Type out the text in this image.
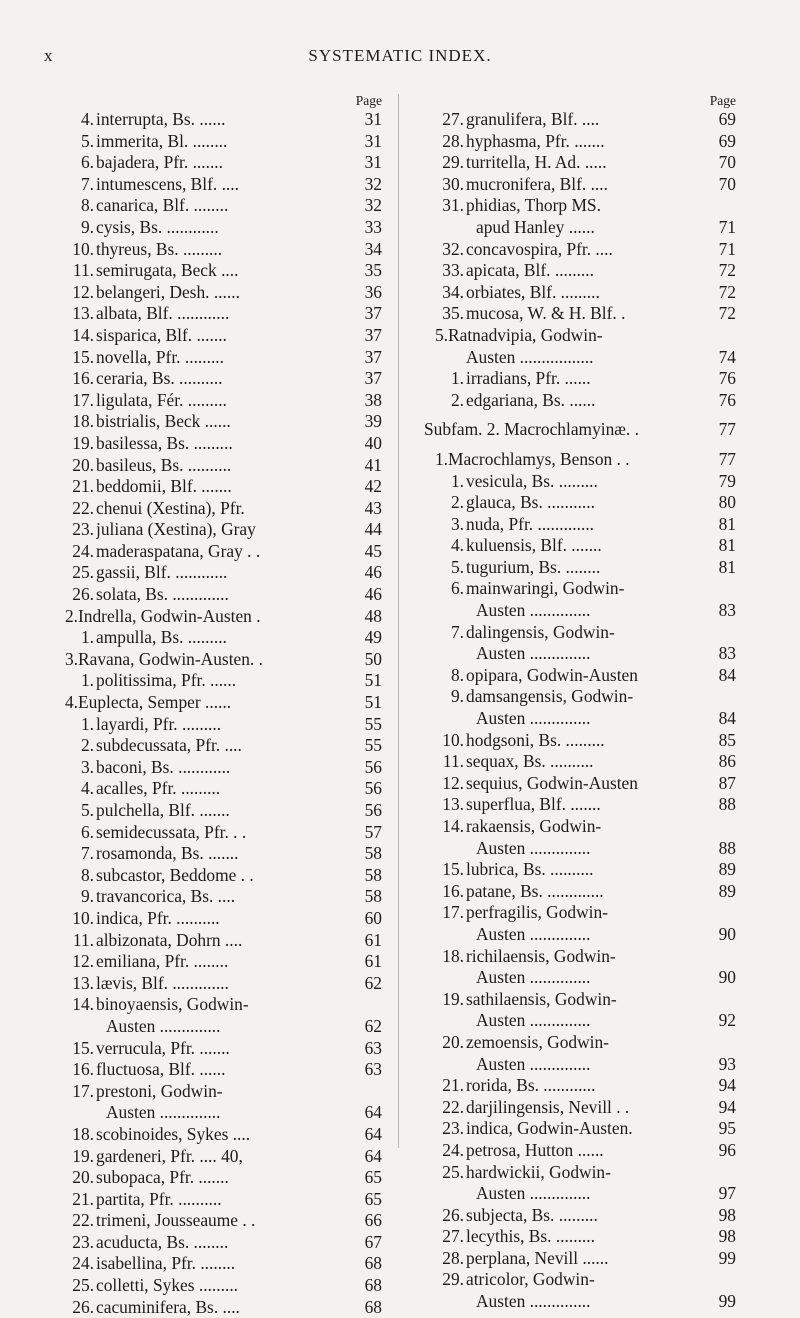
x	SYSTEMATIC INDEX.
Page
4. interrupta, Bs. ......	31
5. immerita, Bl. ........	31
6. bajadera, Pfr. .......	31
7. intumescens, Blf. ....	32
8. canarica, Blf. ........	32
9. cysis, Bs. ............	33
10. thyreus, Bs. .........	34
11. semirugata, Beck ....	35
12. belangeri, Desh. ......	36
13. albata, Blf. ............	37
14. sisparica, Blf. .......	37
15. novella, Pfr. .........	37
16. ceraria, Bs. ..........	37
17. ligulata, Fér. .........	38
18. bistrialis, Beck ......	39
19. basilessa, Bs. .........	40
20. basileus, Bs. ..........	41
21. beddomii, Blf. .......	42
22. chenui (Xestina), Pfr.	43
23. juliana (Xestina), Gray	44
24. maderaspatana, Gray . .	45
25. gassii, Blf. ............	46
26. solata, Bs. .............	46
2. Indrella, Godwin-Austen .	48
1. ampulla, Bs. .........	49
3. Ravana, Godwin-Austen. .	50
1. politissima, Pfr. ......	51
4. Euplecta, Semper ......	51
1. layardi, Pfr. .........	55
2. subdecussata, Pfr. ....	55
3. baconi, Bs. ............	56
4. acalles, Pfr. .........	56
5. pulchella, Blf. .......	56
6. semidecussata, Pfr. . .	57
7. rosamonda, Bs. .......	58
8. subcastor, Beddome . .	58
9. travancorica, Bs. ....	58
10. indica, Pfr. ..........	60
11. albizonata, Dohrn ....	61
12. emiliana, Pfr. ........	61
13. lævis, Blf. .............	62
14. binoyaensis, Godwin-
Austen ..............	62
15. verrucula, Pfr. .......	63
16. fluctuosa, Blf. ......	63
17. prestoni, Godwin-
Austen ..............	64
18. scobinoides, Sykes ....	64
19. gardeneri, Pfr. .... 40,	64
20. subopaca, Pfr. .......	65
21. partita, Pfr. ..........	65
22. trimeni, Jousseaume . .	66
23. acuducta, Bs. ........	67
24. isabellina, Pfr. ........	68
25. colletti, Sykes .........	68
26. cacuminifera, Bs. ....	68
Page
27. granulifera, Blf. ....	69
28. hyphasma, Pfr. .......	69
29. turritella, H. Ad. .....	70
30. mucronifera, Blf. ....	70
31. phidias, Thorp MS.
apud Hanley ......	71
32. concavospira, Pfr. ....	71
33. apicata, Blf. .........	72
34. orbiates, Blf. .........	72
35. mucosa, W. & H. Blf. .	72
5. Ratnadvipia, Godwin-
Austen .................	74
1. irradians, Pfr. ......	76
2. edgariana, Bs. ......	76
Subfam. 2. Macrochlamyinæ. .	77
1. Macrochlamys, Benson . .	77
1. vesicula, Bs. .........	79
2. glauca, Bs. ...........	80
3. nuda, Pfr. .............	81
4. kuluensis, Blf. .......	81
5. tugurium, Bs. ........	81
6. mainwaringi, Godwin-
Austen ..............	83
7. dalingensis, Godwin-
Austen ..............	83
8. opipara, Godwin-Austen	84
9. damsangensis, Godwin-
Austen ..............	84
10. hodgsoni, Bs. .........	85
11. sequax, Bs. ..........	86
12. sequius, Godwin-Austen	87
13. superflua, Blf. .......	88
14. rakaensis, Godwin-
Austen ..............	88
15. lubrica, Bs. ..........	89
16. patane, Bs. .............	89
17. perfragilis, Godwin-
Austen ..............	90
18. richilaensis, Godwin-
Austen ..............	90
19. sathilaensis, Godwin-
Austen ..............	92
20. zemoensis, Godwin-
Austen ..............	93
21. rorida, Bs. ............	94
22. darjilingensis, Nevill . .	94
23. indica, Godwin-Austen.	95
24. petrosa, Hutton ......	96
25. hardwickii, Godwin-
Austen ..............	97
26. subjecta, Bs. .........	98
27. lecythis, Bs. .........	98
28. perplana, Nevill ......	99
29. atricolor, Godwin-
Austen ..............	99
